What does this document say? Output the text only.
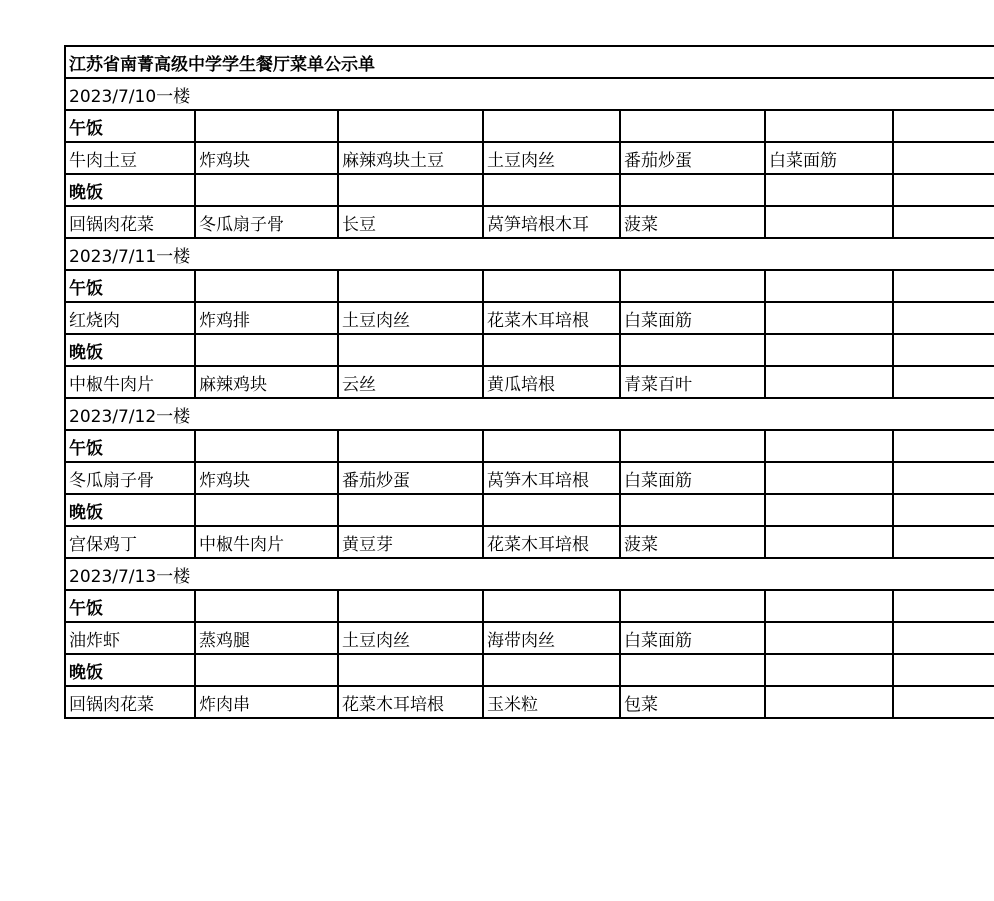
江苏省南菁高级中学学生餐厅菜单公示单						
2023/7/10一楼						
午饭						
牛肉土豆	炸鸡块	麻辣鸡块土豆	土豆肉丝	番茄炒蛋	白菜面筋	
晚饭						
回锅肉花菜	冬瓜扇子骨	长豆	莴笋培根木耳	菠菜		
2023/7/11一楼						
午饭						
红烧肉	炸鸡排	土豆肉丝	花菜木耳培根	白菜面筋		
晚饭						
中椒牛肉片	麻辣鸡块	云丝	黄瓜培根	青菜百叶		
2023/7/12一楼						
午饭						
冬瓜扇子骨	炸鸡块	番茄炒蛋	莴笋木耳培根	白菜面筋		
晚饭						
宫保鸡丁	中椒牛肉片	黄豆芽	花菜木耳培根	菠菜		
2023/7/13一楼						
午饭						
油炸虾	蒸鸡腿	土豆肉丝	海带肉丝	白菜面筋		
晚饭						
回锅肉花菜	炸肉串	花菜木耳培根	玉米粒	包菜		
